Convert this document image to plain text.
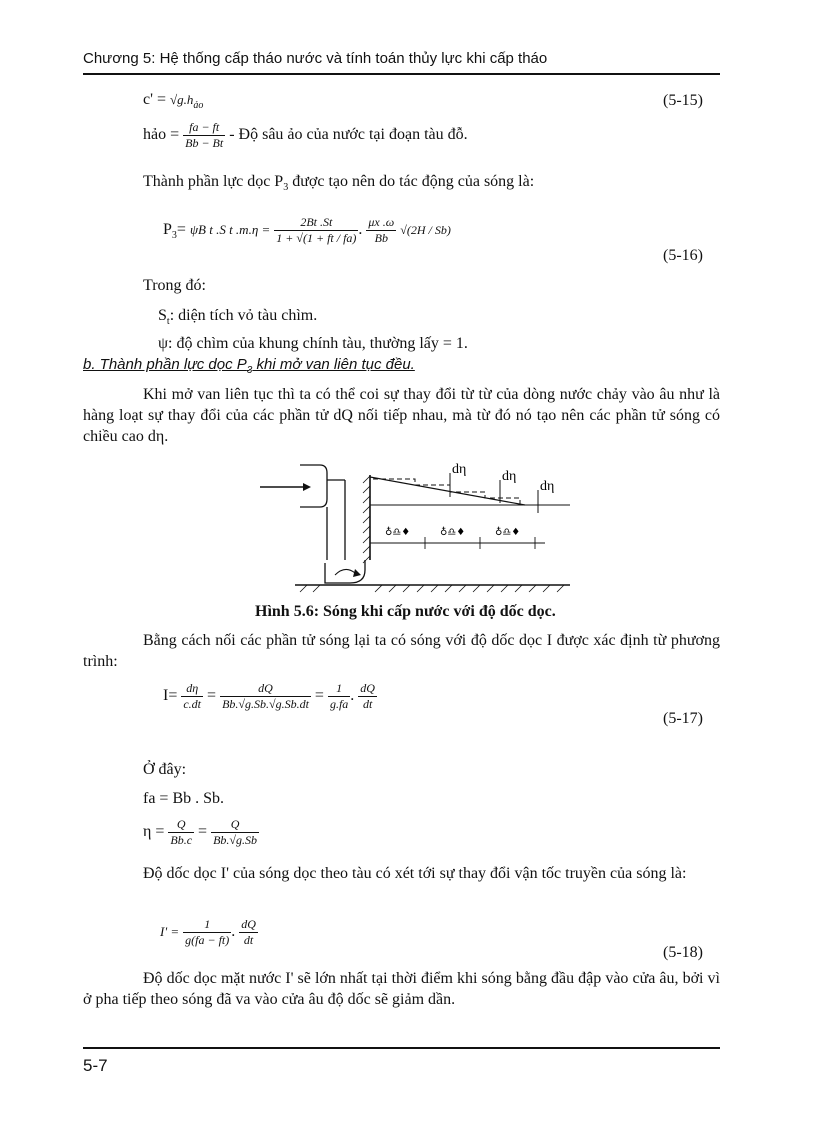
Chương 5: Hệ thống cấp tháo nước và tính toán thủy lực khi cấp tháo
$c' = √g.h_{ảo}$	(5-15)
hảo = $\frac{fa - ft}{Bb - Bt}$ - Độ sâu ảo của nước tại đoạn tàu đỗ.
Thành phần lực dọc $P_3$ được tạo nên do tác động của sóng là:
$P_3= \psi B$ t .S t $.m.\eta = \frac{2Bt .St}{1 + √(1 + ft / fa)}$ . $\frac{\mu x .\omega}{Bb} √(2H / Sb)$
(5-16)
Trong đó:
$S_t$: diện tích vỏ tàu chìm.
ψ: độ chìm của khung chính tàu, thường lấy = 1.
b. Thành phần lực dọc $P_3$ khi mở van liên tục đều.
Khi mở van liên tục thì ta có thể coi sự thay đổi từ từ của dòng nước chảy vào âu như là hàng loạt sự thay đổi của các phần tử dQ nối tiếp nhau, mà từ đó nó tạo nên các phần tử sóng có chiều cao dη.
dη	dη
dη
♁♎♦	♁♎♦	♁♎♦
Hình 5.6: Sóng khi cấp nước với độ dốc dọc.
Bằng cách nối các phần tử sóng lại ta có sóng với độ dốc dọc I được xác định từ phương trình:
$I= \frac{d\eta}{c.dt} = \frac{dQ}{Bb.√g.Sb.√g.Sb.dt} = \frac{1}{g.fa}$ . $\frac{dQ}{dt}$
(5-17)
Ở đây:
fa = Bb . Sb.
$\eta = \frac{Q}{Bb.c} = \frac{Q}{Bb.√g.Sb}$
Độ dốc dọc I' của sóng dọc theo tàu có xét tới sự thay đổi vận tốc truyền của sóng là:
$I' = \frac{1}{g(fa - ft)}$ . $\frac{dQ}{dt}$
(5-18)
Độ dốc dọc mặt nước I' sẽ lớn nhất tại thời điểm khi sóng bằng đầu đập vào cửa âu, bởi vì ở pha tiếp theo sóng đã va vào cửa âu độ dốc sẽ giảm dần.
5-7
